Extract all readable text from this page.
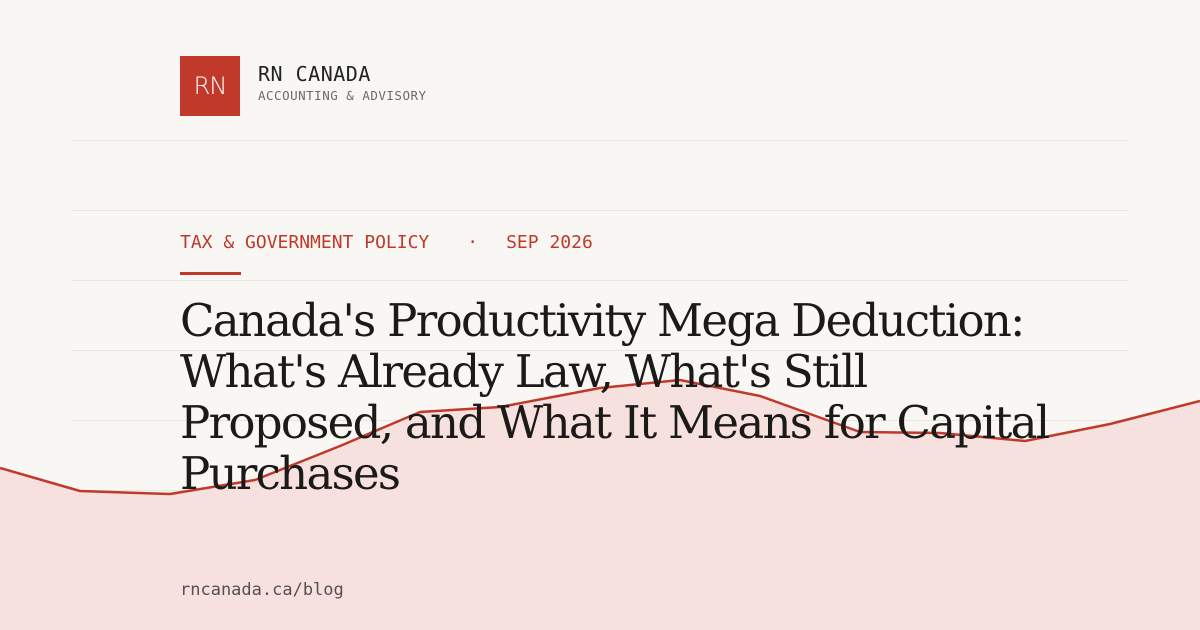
RN RN CANADA
ACCOUNTING & ADVISORY
TAX & GOVERNMENT POLICY · SEP 2026
Canada's Productivity Mega Deduction: What's Already Law, What's Still Proposed, and What It Means for Capital Purchases
rncanada.ca/blog
